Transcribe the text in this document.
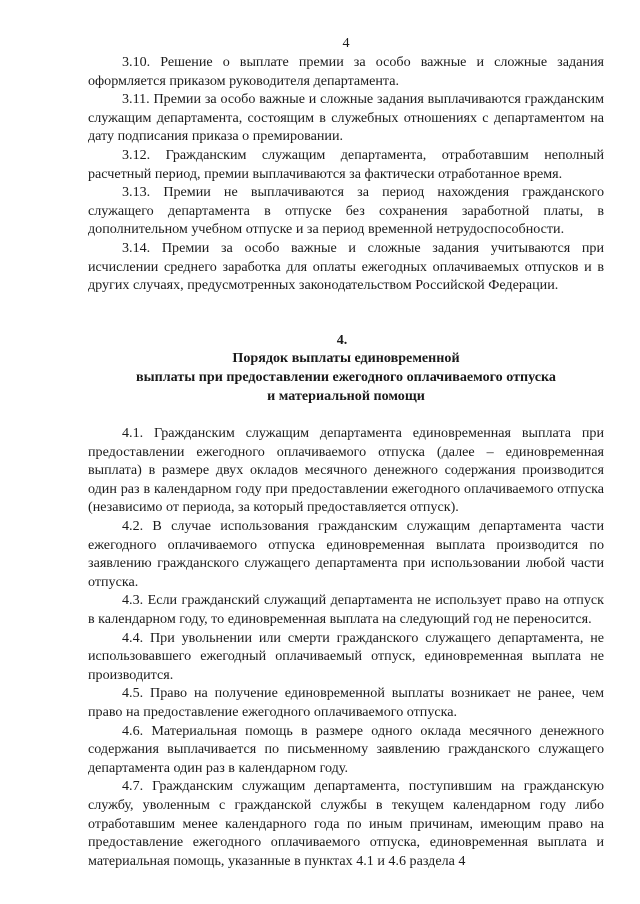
4

3.10. Решение о выплате премии за особо важные и сложные задания оформляется приказом руководителя департамента.

3.11. Премии за особо важные и сложные задания выплачиваются гражданским служащим департамента, состоящим в служебных отношениях с департаментом на дату подписания приказа о премировании.

3.12. Гражданским служащим департамента, отработавшим неполный расчетный период, премии выплачиваются за фактически отработанное время.

3.13. Премии не выплачиваются за период нахождения гражданского служащего департамента в отпуске без сохранения заработной платы, в дополнительном учебном отпуске и за период временной нетрудоспособности.

3.14. Премии за особо важные и сложные задания учитываются при исчислении среднего заработка для оплаты ежегодных оплачиваемых отпусков и в других случаях, предусмотренных законодательством Российской Федерации.

4.
Порядок выплаты единовременной
выплаты при предоставлении ежегодного оплачиваемого отпуска
и материальной помощи

4.1. Гражданским служащим департамента единовременная выплата при предоставлении ежегодного оплачиваемого отпуска (далее – единовременная выплата) в размере двух окладов месячного денежного содержания производится один раз в календарном году при предоставлении ежегодного оплачиваемого отпуска (независимо от периода, за который предоставляется отпуск).

4.2. В случае использования гражданским служащим департамента части ежегодного оплачиваемого отпуска единовременная выплата производится по заявлению гражданского служащего департамента при использовании любой части отпуска.

4.3. Если гражданский служащий департамента не использует право на отпуск в календарном году, то единовременная выплата на следующий год не переносится.

4.4. При увольнении или смерти гражданского служащего департамента, не использовавшего ежегодный оплачиваемый отпуск, единовременная выплата не производится.

4.5. Право на получение единовременной выплаты возникает не ранее, чем право на предоставление ежегодного оплачиваемого отпуска.

4.6. Материальная помощь в размере одного оклада месячного денежного содержания выплачивается по письменному заявлению гражданского служащего департамента один раз в календарном году.

4.7. Гражданским служащим департамента, поступившим на гражданскую службу, уволенным с гражданской службы в текущем календарном году либо отработавшим менее календарного года по иным причинам, имеющим право на предоставление ежегодного оплачиваемого отпуска, единовременная выплата и материальная помощь, указанные в пунктах 4.1 и 4.6 раздела 4
